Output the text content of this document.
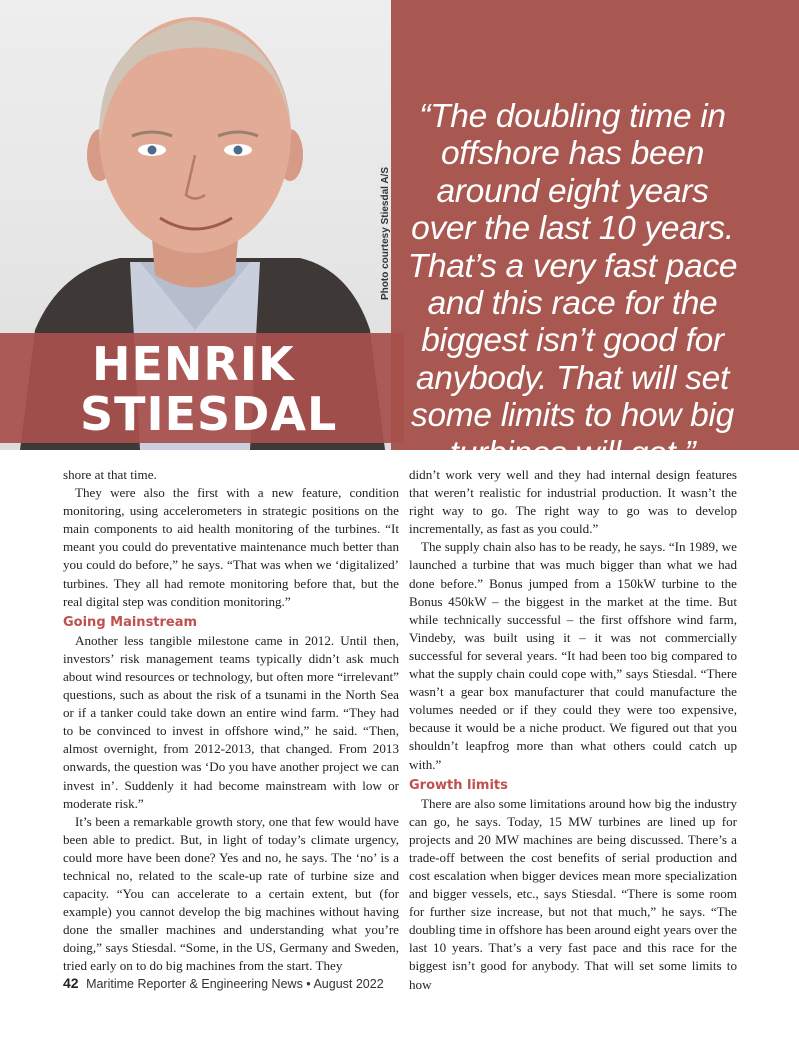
Photo courtesy Stiesdal A/S
HENRIK
STIESDAL

“The doubling time in offshore has been around eight years over the last 10 years. That’s a very fast pace and this race for the biggest isn’t good for anybody. That will set some limits to how big turbines will get.”

shore at that time.

They were also the first with a new feature, condition monitoring, using accelerometers in strategic positions on the main components to aid health monitoring of the turbines. “It meant you could do preventative maintenance much better than you could do before,” he says. “That was when we ‘digitalized’ turbines. They all had remote monitoring before that, but the real digital step was condition monitoring.”

Going Mainstream

Another less tangible milestone came in 2012. Until then, investors’ risk management teams typically didn’t ask much about wind resources or technology, but often more “irrelevant” questions, such as about the risk of a tsunami in the North Sea or if a tanker could take down an entire wind farm. “They had to be convinced to invest in offshore wind,” he said. “Then, almost overnight, from 2012-2013, that changed. From 2013 onwards, the question was ‘Do you have another project we can invest in’. Suddenly it had become mainstream with low or moderate risk.”

It’s been a remarkable growth story, one that few would have been able to predict. But, in light of today’s climate urgency, could more have been done? Yes and no, he says. The ‘no’ is a technical no, related to the scale-up rate of turbine size and capacity. “You can accelerate to a certain extent, but (for example) you cannot develop the big machines without having done the smaller machines and understanding what you’re doing,” says Stiesdal. “Some, in the US, Germany and Sweden, tried early on to do big machines from the start. They

didn’t work very well and they had internal design features that weren’t realistic for industrial production. It wasn’t the right way to go. The right way to go was to develop incrementally, as fast as you could.”

The supply chain also has to be ready, he says. “In 1989, we launched a turbine that was much bigger than what we had done before.” Bonus jumped from a 150kW turbine to the Bonus 450kW – the biggest in the market at the time. But while technically successful – the first offshore wind farm, Vindeby, was built using it – it was not commercially successful for several years. “It had been too big compared to what the supply chain could cope with,” says Stiesdal. “There wasn’t a gear box manufacturer that could manufacture the volumes needed or if they could they were too expensive, because it would be a niche product. We figured out that you shouldn’t leapfrog more than what others could catch up with.”

Growth limits

There are also some limitations around how big the industry can go, he says. Today, 15 MW turbines are lined up for projects and 20 MW machines are being discussed. There’s a trade-off between the cost benefits of serial production and cost escalation when bigger devices mean more specialization and bigger vessels, etc., says Stiesdal. “There is some room for further size increase, but not that much,” he says. “The doubling time in offshore has been around eight years over the last 10 years. That’s a very fast pace and this race for the biggest isn’t good for anybody. That will set some limits to how

42 Maritime Reporter & Engineering News • August 2022
